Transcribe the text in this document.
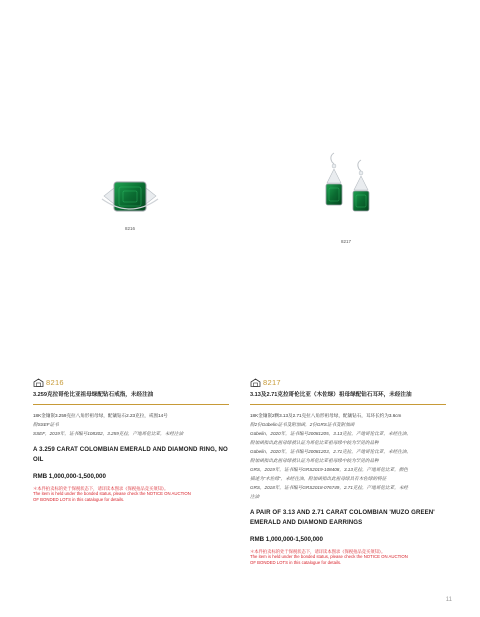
8216
8217
8216
3.259克拉哥伦比亚祖母绿配钻石戒指，未经注油
18K金镶嵌3.259克拉八角形祖母绿，配镶钻石2.23克拉，戒围14号
附SSEF证书
SSEF，2019年，证书编号108302，3.259克拉，产地哥伦比亚，未经注油
A 3.259 CARAT COLOMBIAN EMERALD AND DIAMOND RING, NO OIL
RMB 1,000,000-1,500,000
＊本件拍卖标的处于保税状态下，请详读本图录《保税拍品竞买须知》。
The item is held under the bonded status, please check the NOTICE ON AUCTION
OF BONDED LOTS in this catalogue for details.
8217
3.13及2.71克拉哥伦比亚（木佐绿）祖母绿配钻石耳环，未经注油
18K金镶嵌2颗3.13及2.71克拉八角形祖母绿，配镶钻石，耳环长约为3.6cm
附2份Gübelin证书及附加函，2份GRS证书及附加函
Gübelin，2020年，证书编号20081205，3.13克拉，产地哥伦比亚，未经注油，
附加函指出此祖母绿被认证为哥伦比亚祖母绿中较为罕见的品种
Gübelin，2020年，证书编号20081203，2.71克拉，产地哥伦比亚，未经注油，
附加函指出此祖母绿被认证为哥伦比亚祖母绿中较为罕见的品种
GRS，2019年，证书编号GRS2019-108408，3.13克拉，产地哥伦比亚，颜色
描述为“木佐绿”，未经注油，附加函指出此祖母绿具有木佐绿的特征
GRS，2018年，证书编号GRS2018-076749，2.71克拉，产地哥伦比亚，未经
注油
A PAIR OF 3.13 AND 2.71 CARAT COLOMBIAN 'MUZO GREEN' EMERALD AND DIAMOND EARRINGS
RMB 1,000,000-1,500,000
＊本件拍卖标的处于保税状态下，请详读本图录《保税拍品竞买须知》。
The item is held under the bonded status, please check the NOTICE ON AUCTION
OF BONDED LOTS in this catalogue for details.
11
